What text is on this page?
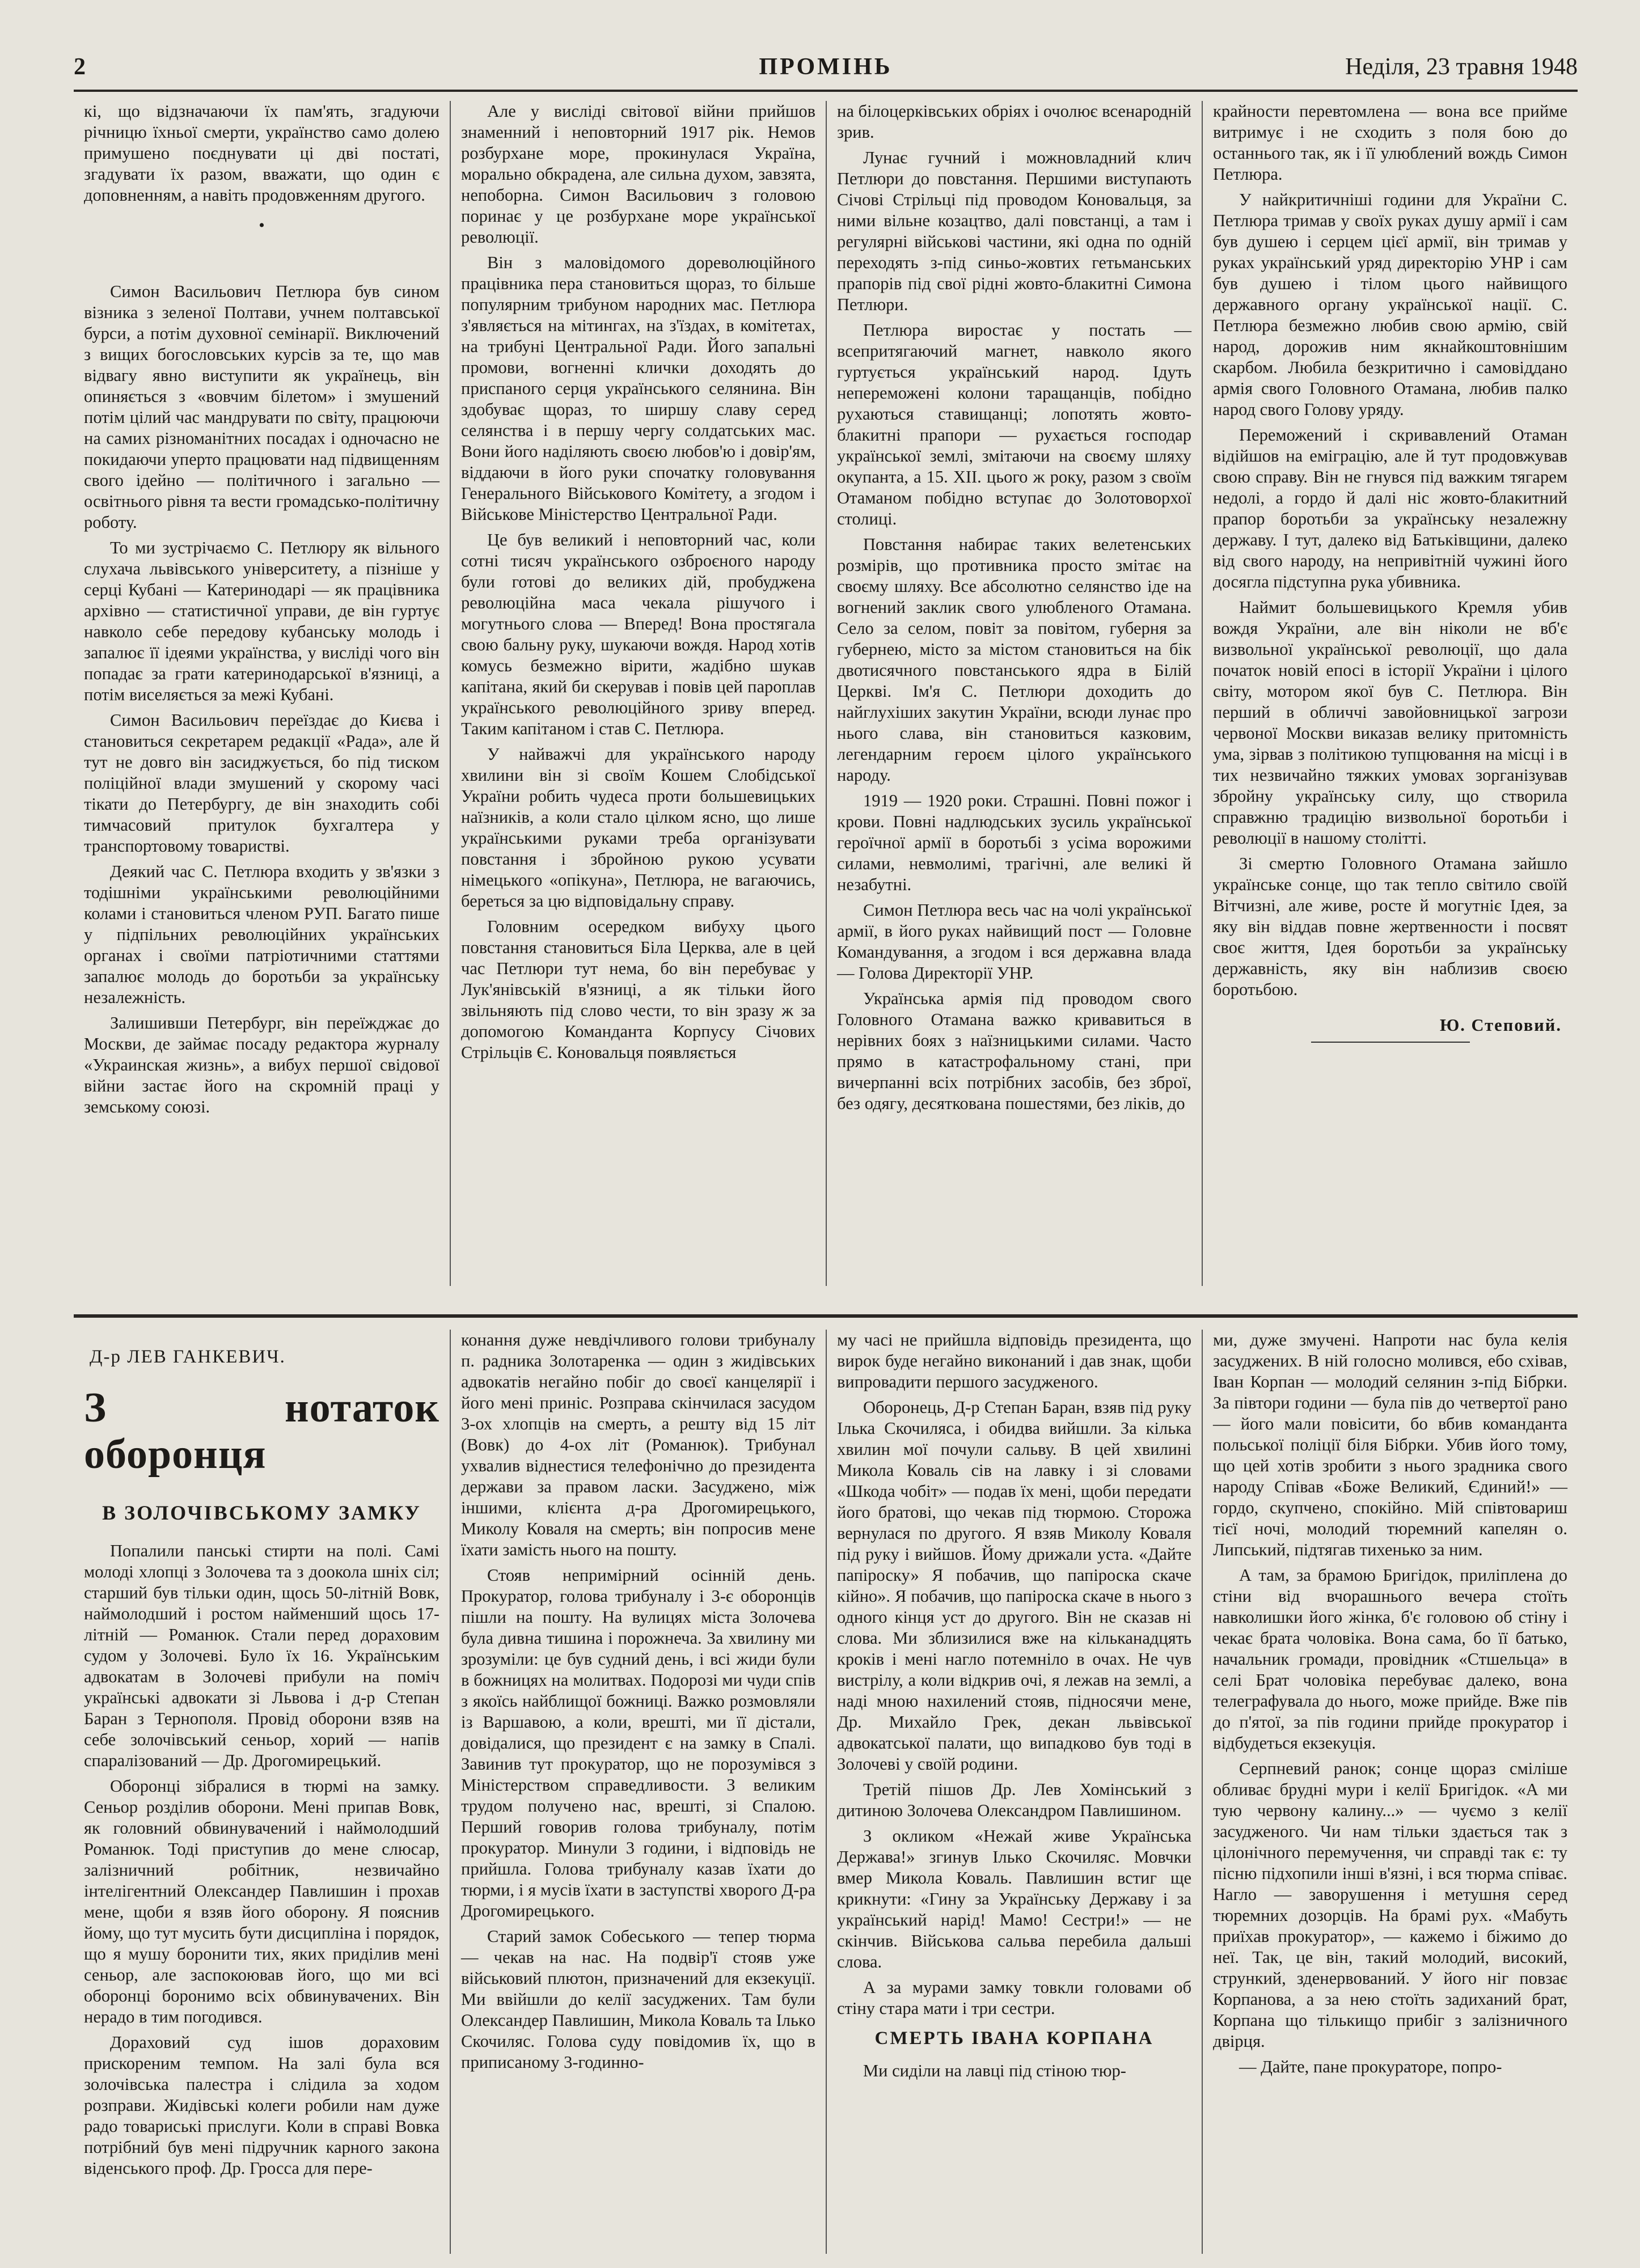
2	ПРОМІНЬ	Неділя, 23 травня 1948

кі, що відзначаючи їх пам'ять, згадуючи річницю їхньої смерти, українство само долею примушено поєднувати ці дві постаті, згадувати їх разом, вважати, що один є доповненням, а навіть продовженням другого.

•

Симон Васильович Петлюра був сином візника з зеленої Полтави, учнем полтавської бурси, а потім духовної семінарії. Виключений з вищих богословських курсів за те, що мав відвагу явно виступити як українець, він опиняється з «вовчим білетом» і змушений потім цілий час мандрувати по світу, працюючи на самих різноманітних посадах і одночасно не покидаючи уперто працювати над підвищенням свого ідейно — політичного і загально — освітнього рівня та вести громадсько-політичну роботу.

То ми зустрічаємо С. Петлюру як вільного слухача львівського університету, а пізніше у серці Кубані — Катеринодарі — як працівника архівно — статистичної управи, де він гуртує навколо себе передову кубанську молодь і запалює її ідеями українства, у висліді чого він попадає за грати катеринодарської в'язниці, а потім виселяється за межі Кубані.

Симон Васильович переїздає до Києва і становиться секретарем редакції «Рада», але й тут не довго він засиджується, бо під тиском поліційної влади змушений у скорому часі тікати до Петербургу, де він знаходить собі тимчасовий притулок бухгалтера у транспортовому товаристві.

Деякий час С. Петлюра входить у зв'язки з тодішніми українськими революційними колами і становиться членом РУП. Багато пише у підпільних революційних українських органах і своїми патріотичними статтями запалює молодь до боротьби за українську незалежність.

Залишивши Петербург, він переїжджає до Москви, де займає посаду редактора журналу «Украинская жизнь», а вибух першої свідової війни застає його на скромній праці у земському союзі.

Але у висліді світової війни прийшов знаменний і неповторний 1917 рік. Немов розбурхане море, прокинулася Україна, морально обкрадена, але сильна духом, завзята, непоборна. Симон Васильович з головою поринає у це розбурхане море української революції.

Він з маловідомого дореволюційного працівника пера становиться щораз, то більше популярним трибуном народних мас. Петлюра з'являється на мітингах, на з'їздах, в комітетах, на трибуні Центральної Ради. Його запальні промови, вогненні клички доходять до приспаного серця українського селянина. Він здобуває щораз, то ширшу славу серед селянства і в першу чергу солдатських мас. Вони його наділяють своєю любов'ю і довір'ям, віддаючи в його руки спочатку головування Генерального Військового Комітету, а згодом і Військове Міністерство Центральної Ради.

Це був великий і неповторний час, коли сотні тисяч українського озброєного народу були готові до великих дій, пробуджена революційна маса чекала рішучого і могутнього слова — Вперед! Вона простягала свою бальну руку, шукаючи вождя. Народ хотів комусь безмежно вірити, жадібно шукав капітана, який би скерував і повів цей пароплав українського революційного зриву вперед. Таким капітаном і став С. Петлюра.

У найважчі для українського народу хвилини він зі своїм Кошем Слобідської України робить чудеса проти большевицьких наїзників, а коли стало цілком ясно, що лише українськими руками треба організувати повстання і збройною рукою усувати німецького «опікуна», Петлюра, не вагаючись, береться за цю відповідальну справу.

Головним осередком вибуху цього повстання становиться Біла Церква, але в цей час Петлюри тут нема, бо він перебуває у Лук'янівській в'язниці, а як тільки його звільняють під слово чести, то він зразу ж за допомогою Команданта Корпусу Січових Стрільців Є. Коновальця появляється

на білоцерківських обріях і очолює всенародній зрив.

Лунає гучний і можновладний клич Петлюри до повстання. Першими виступають Січові Стрільці під проводом Коновальця, за ними вільне козацтво, далі повстанці, а там і регулярні військові частини, які одна по одній переходять з-під синьо-жовтих гетьманських прапорів під свої рідні жовто-блакитні Симона Петлюри.

Петлюра виростає у постать — всепритягаючий магнет, навколо якого гуртується український народ. Ідуть непереможені колони таращанців, побідно рухаються ставищанці; лопотять жовто-блакитні прапори — рухається господар української землі, змітаючи на своєму шляху окупанта, а 15. XII. цього ж року, разом з своїм Отаманом побідно вступає до Золотоворхої столиці.

Повстання набирає таких велетенських розмірів, що противника просто змітає на своєму шляху. Все абсолютно селянство іде на вогнений заклик свого улюбленого Отамана. Село за селом, повіт за повітом, губерня за губернею, місто за містом становиться на бік двотисячного повстанського ядра в Білій Церкві. Ім'я С. Петлюри доходить до найглухіших закутин України, всюди лунає про нього слава, він становиться казковим, легендарним героєм цілого українського народу.

1919 — 1920 роки. Страшні. Повні пожог і крови. Повні надлюдських зусиль української героїчної армії в боротьбі з усіма ворожими силами, невмолимі, трагічні, але великі й незабутні.

Симон Петлюра весь час на чолі української армії, в його руках найвищий пост — Головне Командування, а згодом і вся державна влада — Голова Директорії УНР.

Українська армія під проводом свого Головного Отамана важко кривавиться в нерівних боях з наїзницькими силами. Часто прямо в катастрофальному стані, при вичерпанні всіх потрібних засобів, без зброї, без одягу, десяткована пошестями, без ліків, до

крайности перевтомлена — вона все прийме витримує і не сходить з поля бою до останнього так, як і її улюблений вождь Симон Петлюра.

У найкритичніші години для України С. Петлюра тримав у своїх руках душу армії і сам був душею і серцем цієї армії, він тримав у руках український уряд директорію УНР і сам був душею і тілом цього найвищого державного органу української нації. С. Петлюра безмежно любив свою армію, свій народ, дорожив ним якнайкоштовнішим скарбом. Любила безкритично і самовіддано армія свого Головного Отамана, любив палко народ свого Голову уряду.

Переможений і скривавлений Отаман відійшов на еміграцію, але й тут продовжував свою справу. Він не гнувся під важким тягарем недолі, а гордо й далі ніс жовто-блакитний прапор боротьби за українську незалежну державу. І тут, далеко від Батьківщини, далеко від свого народу, на непривітній чужині його досягла підступна рука убивника.

Наймит большевицького Кремля убив вождя України, але він ніколи не вб'є визвольної української революції, що дала початок новій епосі в історії України і цілого світу, мотором якої був С. Петлюра. Він перший в обличчі завойовницької загрози червоної Москви виказав велику притомність ума, зірвав з політикою тупцювання на місці і в тих незвичайно тяжких умовах зорганізував збройну українську силу, що створила справжню традицію визвольної боротьби і революції в нашому столітті.

Зі смертю Головного Отамана зайшло українське сонце, що так тепло світило своїй Вітчизні, але живе, росте й могутніє Ідея, за яку він віддав повне жертвенности і посвят своє життя, Ідея боротьби за українську державність, яку він наблизив своєю боротьбою.

Ю. Степовий.
Д-р ЛЕВ ГАНКЕВИЧ.
З нотаток оборонця
В ЗОЛОЧІВСЬКОМУ ЗАМКУ

Попалили панські стирти на полі. Самі молоді хлопці з Золочева та з доокола шніх сіл; старший був тільки один, щось 50-літній Вовк, наймолодший і ростом найменший щось 17-літній — Романюк. Стали перед дораховим судом у Золочеві. Було їх 16. Українським адвокатам в Золочеві прибули на поміч українські адвокати зі Львова і д-р Степан Баран з Тернополя. Провід оборони взяв на себе золочівський сеньор, хорий — напів спаралізований — Др. Дрогомирецький.

Оборонці зібралися в тюрмі на замку. Сеньор розділив оборони. Мені припав Вовк, як головний обвинувачений і наймолодший Романюк. Тоді приступив до мене слюсар, залізничний робітник, незвичайно інтелігентний Олександер Павлишин і прохав мене, щоби я взяв його оборону. Я пояснив йому, що тут мусить бути дисципліна і порядок, що я мушу боронити тих, яких приділив мені сеньор, але заспокоював його, що ми всі оборонці боронимо всіх обвинувачених. Він нерадо в тим погодився.

Дораховий суд ішов дораховим прискореним темпом. На залі була вся золочівська палестра і слідила за ходом розправи. Жидівські колеги робили нам дуже радо товариські прислуги. Коли в справі Вовка потрібний був мені підручник карного закона віденського проф. Др. Гросса для пере-

конання дуже невдічливого голови трибуналу п. радника Золотаренка — один з жидівських адвокатів негайно побіг до своєї канцелярії і його мені приніс. Розправа скінчилася засудом 3-ох хлопців на смерть, а решту від 15 літ (Вовк) до 4-ох літ (Романюк). Трибунал ухвалив віднестися телефонічно до президента держави за правом ласки. Засуджено, між іншими, клієнта д-ра Дрогомирецького, Миколу Коваля на смерть; він попросив мене їхати замість нього на пошту.

Стояв непримірний осінній день. Прокуратор, голова трибуналу і 3-є оборонців пішли на пошту. На вулицях міста Золочева була дивна тишина і порожнеча. За хвилину ми зрозуміли: це був судний день, і всі жиди були в божницях на молитвах. Подорозі ми чуди спів з якоїсь найблищої божниці. Важко розмовляли із Варшавою, а коли, врешті, ми її дістали, довідалися, що президент є на замку в Спалі. Завинив тут прокуратор, що не порозумівся з Міністерством справедливости. З великим трудом получено нас, врешті, зі Спалою. Перший говорив голова трибуналу, потім прокуратор. Минули 3 години, і відповідь не прийшла. Голова трибуналу казав їхати до тюрми, і я мусів їхати в заступстві хворого Д-ра Дрогомирецького.

Старий замок Собеського — тепер тюрма — чекав на нас. На подвір'ї стояв уже військовий плютон, призначений для екзекуції. Ми ввійшли до келії засуджених. Там були Олександер Павлишин, Микола Коваль та Ількo Скочиляс. Голова суду повідомив їх, що в приписаному 3-годинно-

му часі не прийшла відповідь президента, що вирок буде негайно виконаний і дав знак, щоби випровадити першого засудженого.

Оборонець, Д-р Степан Баран, взяв під руку Ілька Скочиляса, і обидва вийшли. За кілька хвилин мої почули сальву. В цей хвилині Микола Коваль сів на лавку і зі словами «Шкода чобіт» — подав їх мені, щоби передати його братові, що чекав під тюрмою. Сторожа вернулася по другого. Я взяв Миколу Коваля під руку і вийшов. Йому дрижали уста. «Дайте папіроску» Я побачив, що папіроска скаче кійно». Я побачив, що папіроска скаче в нього з одного кінця уст до другого. Він не сказав ні слова. Ми зблизилися вже на кільканадцять кроків і мені нагло потемніло в очах. Не чув вистрілу, а коли відкрив очі, я лежав на землі, а наді мною нахилений стояв, підносячи мене, Др. Михайло Грек, декан львівської адвокатської палати, що випадково був тоді в Золочеві у своїй родини.

Третій пішов Др. Лев Хомінський з дитиною Золочева Олександром Павлишином.

З окликом «Нежай живе Українська Держава!» згинув Ількo Скочиляс. Мовчки вмер Микола Коваль. Павлишин встиг ще крикнути: «Гину за Українську Державу і за український нарід! Мамо! Сестри!» — не скінчив. Військова сальва перебила дальші слова.

А за мурами замку товкли головами об стіну стара мати і три сестри.

СМЕРТЬ ІВАНА КОРПАНА

Ми сиділи на лавці під стіною тюр-

ми, дуже змучені. Напроти нас була келія засуджених. В ній голосно молився, ебо схівав, Іван Корпан — молодий селянин з-під Бібрки. За півтори години — була пів до четвертої рано — його мали повісити, бо вбив команданта польської поліції біля Бібрки. Убив його тому, що цей хотів зробити з нього зрадника свого народу Співав «Боже Великий, Єдиний!» — гордо, скупчено, спокійно. Мій співтовариш тієї ночі, молодий тюремний капелян о. Липський, підтягав тихенько за ним.

А там, за брамою Бригідок, приліплена до стіни від вчорашнього вечера стоїть навколишки його жінка, б'є головою об стіну і чекає брата чоловіка. Вона сама, бо її батько, начальник громади, провідник «Стшельца» в селі Брат чоловіка перебуває далеко, вона телеграфувала до нього, може прийде. Вже пів до п'ятої, за пів години прийде прокуратор і відбудеться екзекуція.

Серпневий ранок; сонце щораз сміліше обливає брудні мури і келії Бригідок. «А ми тую червону калину...» — чуємо з келії засудженого. Чи нам тільки здається так з цілонічного перемучення, чи справді так є: ту пісню підхопили інші в'язні, і вся тюрма співає. Нагло — заворушення і метушня серед тюремних дозорців. На брамі рух. «Мабуть приїхав прокуратор», — кажемо і біжимо до неї. Так, це він, такий молодий, високий, стрункий, зденервований. У його ніг повзає Корпанова, а за нею стоїть задиханий брат, Корпана що тількищо прибіг з залізничного двірця.

— Дайте, пане прокураторе, попро-
